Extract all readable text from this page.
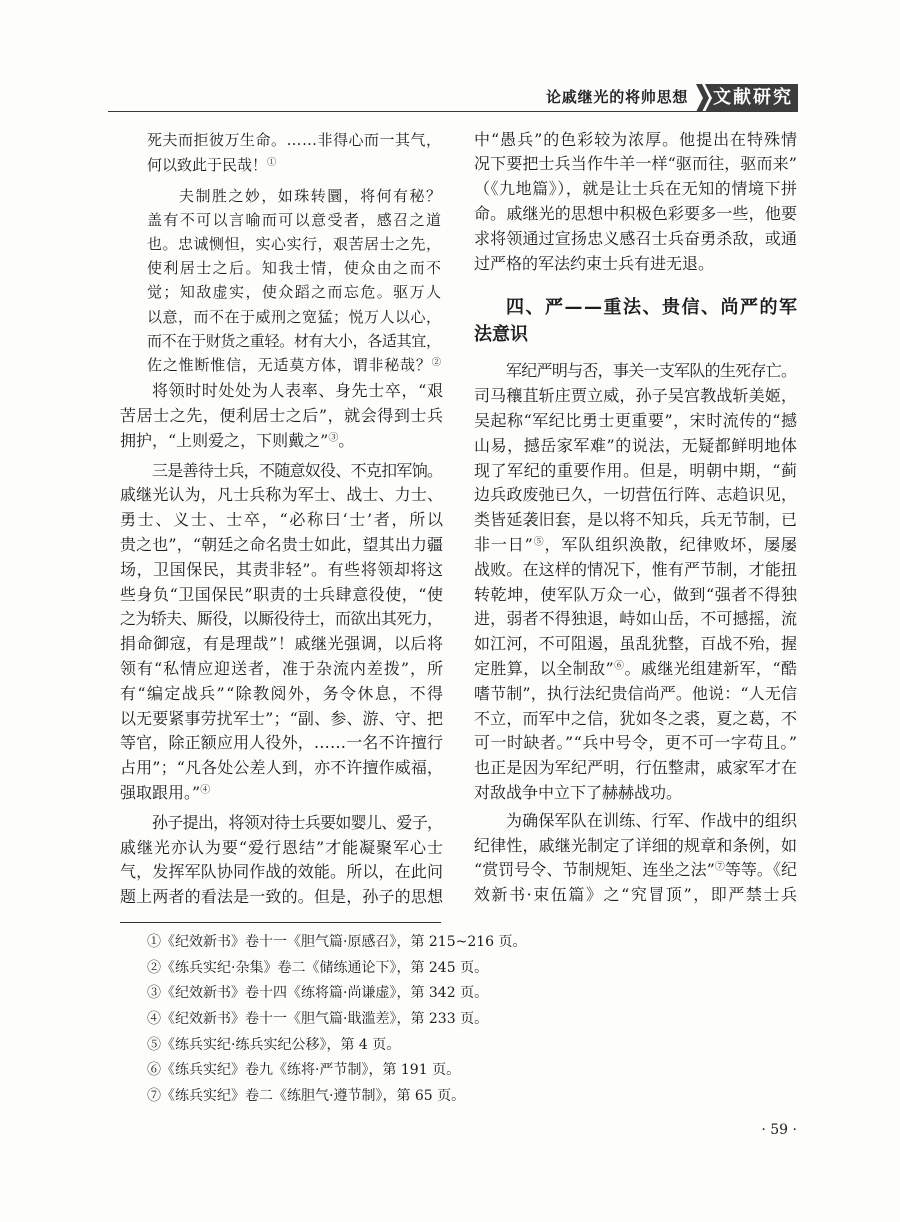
论戚继光的将帅思想 文献研究
死夫而拒彼万生命。……非得心而一其气，
何以致此于民哉！①
夫制胜之妙，如珠转圜，将何有秘？
盖有不可以言喻而可以意受者，感召之道
也。忠诚恻怛，实心实行，艰苦居士之先，
使利居士之后。知我士情，使众由之而不
觉；知敌虚实，使众蹈之而忘危。驱万人
以意，而不在于威刑之宽猛；悦万人以心，
而不在于财货之重轻。材有大小，各适其宜，
佐之惟断惟信，无适莫方体，谓非秘哉？②
将领时时处处为人表率、身先士卒，“艰
苦居士之先，便利居士之后”，就会得到士兵
拥护，“上则爱之，下则戴之”③。
三是善待士兵，不随意奴役、不克扣军饷。
戚继光认为，凡士兵称为军士、战士、力士、
勇士、义士、士卒，“必称曰‘士’者，所以
贵之也”，“朝廷之命名贵士如此，望其出力疆
场，卫国保民，其责非轻”。有些将领却将这
些身负“卫国保民”职责的士兵肆意役使，“使
之为轿夫、厮役，以厮役待士，而欲出其死力，
捐命御寇，有是理哉”！戚继光强调，以后将
领有“私情应迎送者，准于杂流内差拨”，所
有“编定战兵”“除教阅外，务令休息，不得
以无要紧事劳扰军士”；“副、参、游、守、把
等官，除正额应用人役外，……一名不许擅行
占用”；“凡各处公差人到，亦不许擅作威福，
强取跟用。”④
孙子提出，将领对待士兵要如婴儿、爱子，
戚继光亦认为要“爱行恩结”才能凝聚军心士
气，发挥军队协同作战的效能。所以，在此问
题上两者的看法是一致的。但是，孙子的思想
中“愚兵”的色彩较为浓厚。他提出在特殊情
况下要把士兵当作牛羊一样“驱而往，驱而来”
（《九地篇》），就是让士兵在无知的情境下拼
命。戚继光的思想中积极色彩要多一些，他要
求将领通过宣扬忠义感召士兵奋勇杀敌，或通
过严格的军法约束士兵有进无退。
四、严——重法、贵信、尚严的军
法意识
军纪严明与否，事关一支军队的生死存亡。
司马穰苴斩庄贾立威，孙子吴宫教战斩美姬，
吴起称“军纪比勇士更重要”，宋时流传的“撼
山易，撼岳家军难”的说法，无疑都鲜明地体
现了军纪的重要作用。但是，明朝中期，“蓟
边兵政废弛已久，一切营伍行阵、志趋识见，
类皆延袭旧套，是以将不知兵，兵无节制，已
非一日”⑤，军队组织涣散，纪律败坏，屡屡
战败。在这样的情况下，惟有严节制，才能扭
转乾坤，使军队万众一心，做到“强者不得独
进，弱者不得独退，峙如山岳，不可撼摇，流
如江河，不可阻遏，虽乱犹整，百战不殆，握
定胜算，以全制敌”⑥。戚继光组建新军，“酷
嗜节制”，执行法纪贵信尚严。他说：“人无信
不立，而军中之信，犹如冬之裘，夏之葛，不
可一时缺者。”“兵中号令，更不可一字苟且。”
也正是因为军纪严明，行伍整肃，戚家军才在
对敌战争中立下了赫赫战功。
为确保军队在训练、行军、作战中的组织
纪律性，戚继光制定了详细的规章和条例，如
“赏罚号令、节制规矩、连坐之法”⑦等等。《纪
效新书·束伍篇》之“究冒顶”，即严禁士兵
①《纪效新书》卷十一《胆气篇·原感召》，第 215~216 页。
②《练兵实纪·杂集》卷二《储练通论下》，第 245 页。
③《纪效新书》卷十四《练将篇·尚谦虚》，第 342 页。
④《纪效新书》卷十一《胆气篇·戢滥差》，第 233 页。
⑤《练兵实纪·练兵实纪公移》，第 4 页。
⑥《练兵实纪》卷九《练将·严节制》，第 191 页。
⑦《练兵实纪》卷二《练胆气·遵节制》，第 65 页。
· 59 ·
